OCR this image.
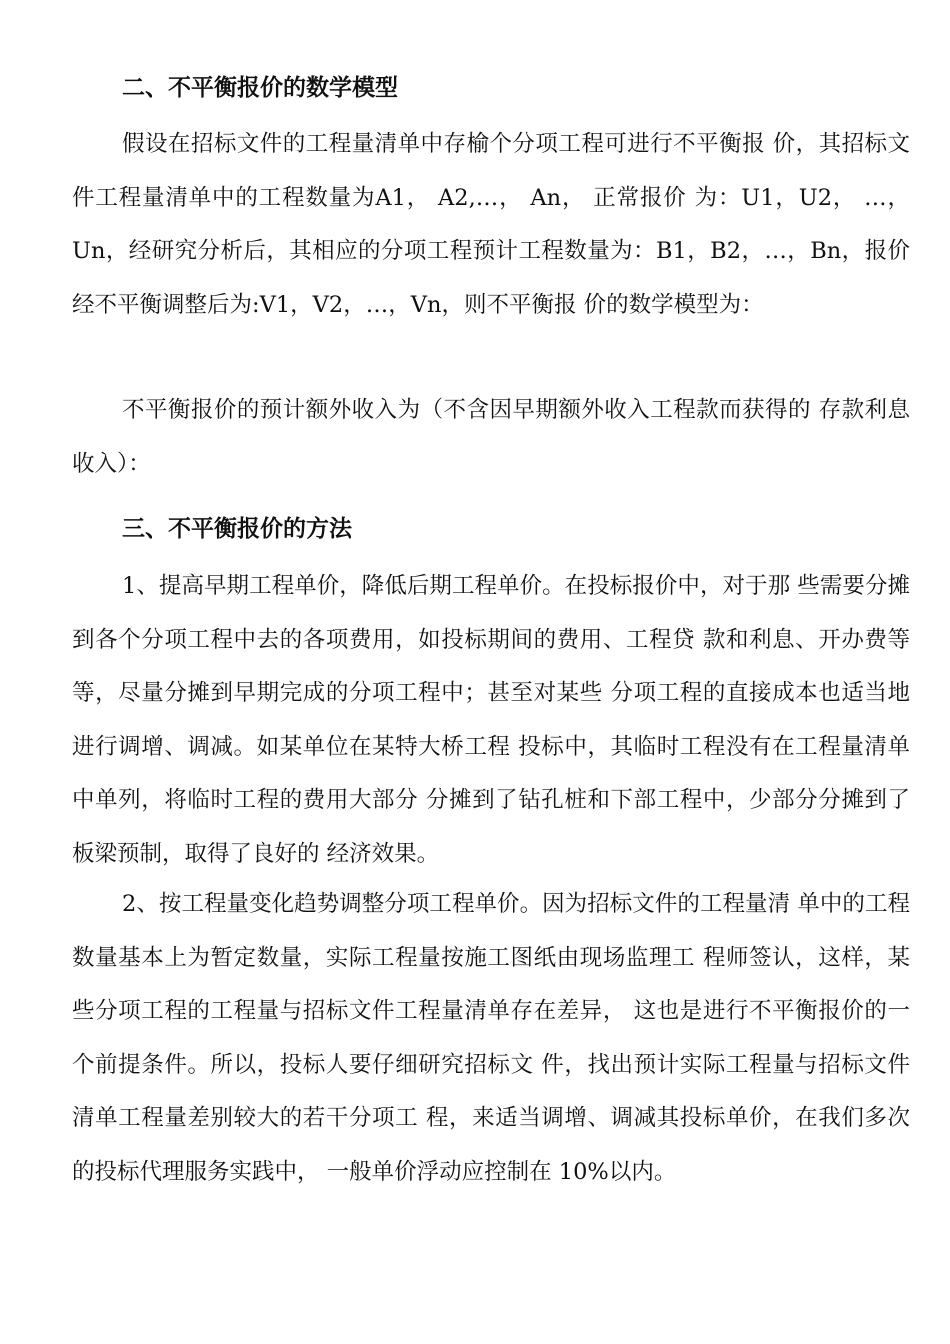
二、不平衡报价的数学模型

假设在招标文件的工程量清单中存榆个分项工程可进行不平衡报 价，其招标文件工程量清单中的工程数量为A1， A2,…， An， 正常报价 为：U1，U2， …， Un，经研究分析后，其相应的分项工程预计工程数量为：B1，B2，…，Bn，报价经不平衡调整后为:V1，V2，…，Vn，则不平衡报 价的数学模型为：

不平衡报价的预计额外收入为（不含因早期额外收入工程款而获得的 存款利息收入）：

三、不平衡报价的方法

1、提高早期工程单价，降低后期工程单价。在投标报价中，对于那 些需要分摊到各个分项工程中去的各项费用，如投标期间的费用、工程贷 款和利息、开办费等等，尽量分摊到早期完成的分项工程中；甚至对某些 分项工程的直接成本也适当地进行调增、调减。如某单位在某特大桥工程 投标中，其临时工程没有在工程量清单中单列，将临时工程的费用大部分 分摊到了钻孔桩和下部工程中，少部分分摊到了板梁预制，取得了良好的 经济效果。

2、按工程量变化趋势调整分项工程单价。因为招标文件的工程量清 单中的工程数量基本上为暂定数量，实际工程量按施工图纸由现场监理工 程师签认，这样，某些分项工程的工程量与招标文件工程量清单存在差异， 这也是进行不平衡报价的一个前提条件。所以，投标人要仔细研究招标文 件，找出预计实际工程量与招标文件清单工程量差别较大的若干分项工 程，来适当调增、调减其投标单价，在我们多次的投标代理服务实践中， 一般单价浮动应控制在 10%以内。
